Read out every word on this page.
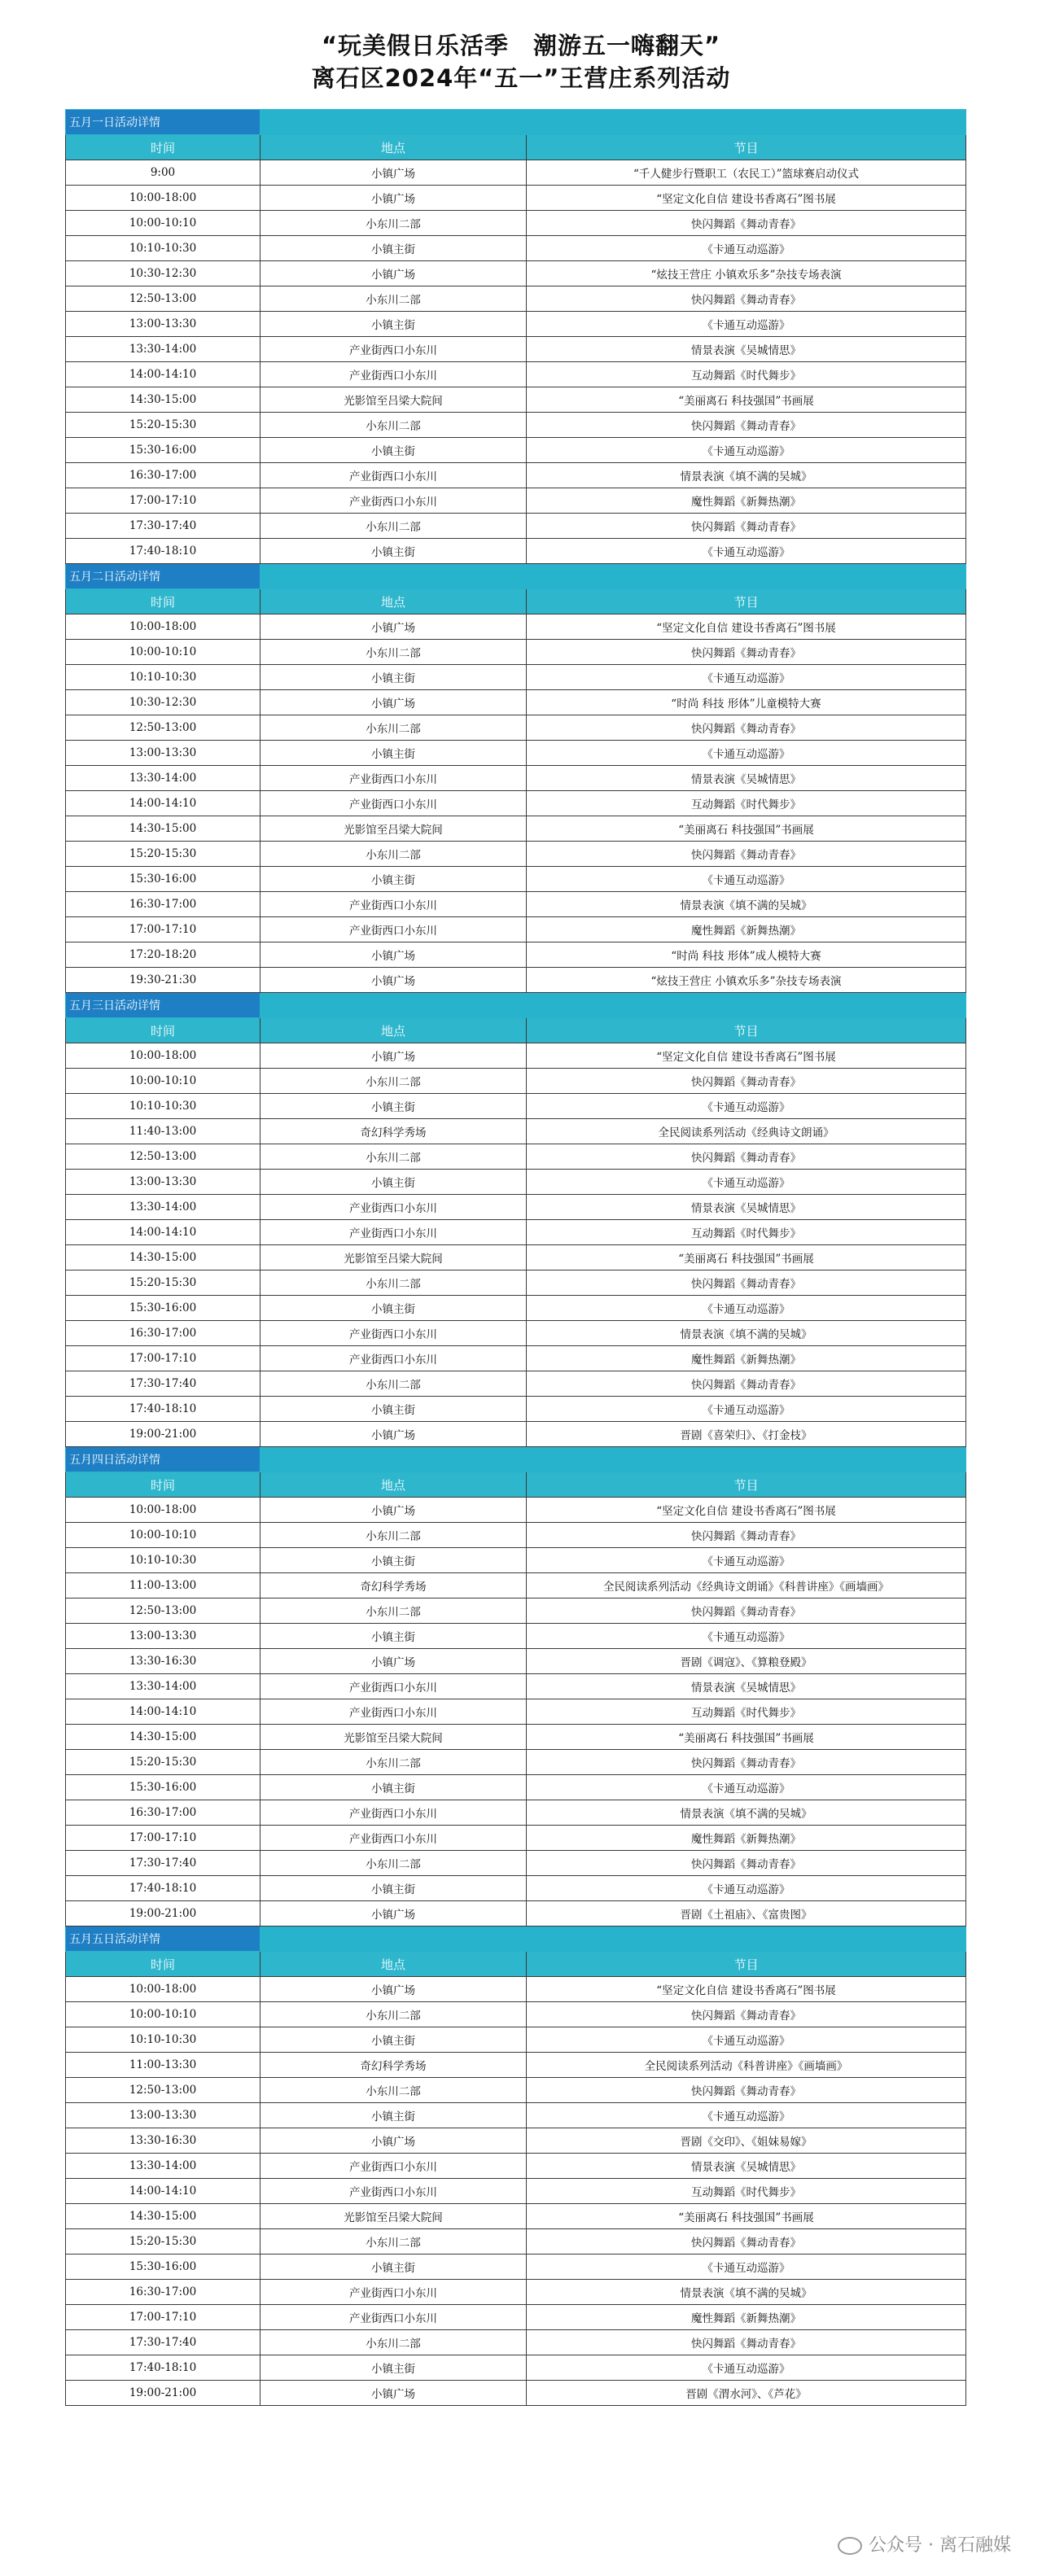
“玩美假日乐活季　潮游五一嗨翻天”
离石区2024年“五一”王营庄系列活动
五月一日活动详情		
时间	地点	节目
9:00	小镇广场	“千人健步行暨职工（农民工）”篮球赛启动仪式
10:00-18:00	小镇广场	“坚定文化自信 建设书香离石”图书展
10:00-10:10	小东川二部	快闪舞蹈《舞动青春》
10:10-10:30	小镇主街	《卡通互动巡游》
10:30-12:30	小镇广场	“炫技王营庄 小镇欢乐多”杂技专场表演
12:50-13:00	小东川二部	快闪舞蹈《舞动青春》
13:00-13:30	小镇主街	《卡通互动巡游》
13:30-14:00	产业街西口小东川	情景表演《吴城情思》
14:00-14:10	产业街西口小东川	互动舞蹈《时代舞步》
14:30-15:00	光影馆至吕梁大院间	“美丽离石 科技强国”书画展
15:20-15:30	小东川二部	快闪舞蹈《舞动青春》
15:30-16:00	小镇主街	《卡通互动巡游》
16:30-17:00	产业街西口小东川	情景表演《填不满的吴城》
17:00-17:10	产业街西口小东川	魔性舞蹈《新舞热潮》
17:30-17:40	小东川二部	快闪舞蹈《舞动青春》
17:40-18:10	小镇主街	《卡通互动巡游》
五月二日活动详情		
时间	地点	节目
10:00-18:00	小镇广场	“坚定文化自信 建设书香离石”图书展
10:00-10:10	小东川二部	快闪舞蹈《舞动青春》
10:10-10:30	小镇主街	《卡通互动巡游》
10:30-12:30	小镇广场	“时尚 科技 形体”儿童模特大赛
12:50-13:00	小东川二部	快闪舞蹈《舞动青春》
13:00-13:30	小镇主街	《卡通互动巡游》
13:30-14:00	产业街西口小东川	情景表演《吴城情思》
14:00-14:10	产业街西口小东川	互动舞蹈《时代舞步》
14:30-15:00	光影馆至吕梁大院间	“美丽离石 科技强国”书画展
15:20-15:30	小东川二部	快闪舞蹈《舞动青春》
15:30-16:00	小镇主街	《卡通互动巡游》
16:30-17:00	产业街西口小东川	情景表演《填不满的吴城》
17:00-17:10	产业街西口小东川	魔性舞蹈《新舞热潮》
17:20-18:20	小镇广场	“时尚 科技 形体”成人模特大赛
19:30-21:30	小镇广场	“炫技王营庄 小镇欢乐多”杂技专场表演
五月三日活动详情		
时间	地点	节目
10:00-18:00	小镇广场	“坚定文化自信 建设书香离石”图书展
10:00-10:10	小东川二部	快闪舞蹈《舞动青春》
10:10-10:30	小镇主街	《卡通互动巡游》
11:40-13:00	奇幻科学秀场	全民阅读系列活动《经典诗文朗诵》
12:50-13:00	小东川二部	快闪舞蹈《舞动青春》
13:00-13:30	小镇主街	《卡通互动巡游》
13:30-14:00	产业街西口小东川	情景表演《吴城情思》
14:00-14:10	产业街西口小东川	互动舞蹈《时代舞步》
14:30-15:00	光影馆至吕梁大院间	“美丽离石 科技强国”书画展
15:20-15:30	小东川二部	快闪舞蹈《舞动青春》
15:30-16:00	小镇主街	《卡通互动巡游》
16:30-17:00	产业街西口小东川	情景表演《填不满的吴城》
17:00-17:10	产业街西口小东川	魔性舞蹈《新舞热潮》
17:30-17:40	小东川二部	快闪舞蹈《舞动青春》
17:40-18:10	小镇主街	《卡通互动巡游》
19:00-21:00	小镇广场	晋剧《喜荣归》、《打金枝》
五月四日活动详情		
时间	地点	节目
10:00-18:00	小镇广场	“坚定文化自信 建设书香离石”图书展
10:00-10:10	小东川二部	快闪舞蹈《舞动青春》
10:10-10:30	小镇主街	《卡通互动巡游》
11:00-13:00	奇幻科学秀场	全民阅读系列活动《经典诗文朗诵》《科普讲座》《画墙画》
12:50-13:00	小东川二部	快闪舞蹈《舞动青春》
13:00-13:30	小镇主街	《卡通互动巡游》
13:30-16:30	小镇广场	晋剧《调寇》、《算粮登殿》
13:30-14:00	产业街西口小东川	情景表演《吴城情思》
14:00-14:10	产业街西口小东川	互动舞蹈《时代舞步》
14:30-15:00	光影馆至吕梁大院间	“美丽离石 科技强国”书画展
15:20-15:30	小东川二部	快闪舞蹈《舞动青春》
15:30-16:00	小镇主街	《卡通互动巡游》
16:30-17:00	产业街西口小东川	情景表演《填不满的吴城》
17:00-17:10	产业街西口小东川	魔性舞蹈《新舞热潮》
17:30-17:40	小东川二部	快闪舞蹈《舞动青春》
17:40-18:10	小镇主街	《卡通互动巡游》
19:00-21:00	小镇广场	晋剧《土祖庙》、《富贵图》
五月五日活动详情		
时间	地点	节目
10:00-18:00	小镇广场	“坚定文化自信 建设书香离石”图书展
10:00-10:10	小东川二部	快闪舞蹈《舞动青春》
10:10-10:30	小镇主街	《卡通互动巡游》
11:00-13:30	奇幻科学秀场	全民阅读系列活动《科普讲座》《画墙画》
12:50-13:00	小东川二部	快闪舞蹈《舞动青春》
13:00-13:30	小镇主街	《卡通互动巡游》
13:30-16:30	小镇广场	晋剧《交印》、《姐妹易嫁》
13:30-14:00	产业街西口小东川	情景表演《吴城情思》
14:00-14:10	产业街西口小东川	互动舞蹈《时代舞步》
14:30-15:00	光影馆至吕梁大院间	“美丽离石 科技强国”书画展
15:20-15:30	小东川二部	快闪舞蹈《舞动青春》
15:30-16:00	小镇主街	《卡通互动巡游》
16:30-17:00	产业街西口小东川	情景表演《填不满的吴城》
17:00-17:10	产业街西口小东川	魔性舞蹈《新舞热潮》
17:30-17:40	小东川二部	快闪舞蹈《舞动青春》
17:40-18:10	小镇主街	《卡通互动巡游》
19:00-21:00	小镇广场	晋剧《渭水河》、《芦花》
公众号 · 离石融媒
